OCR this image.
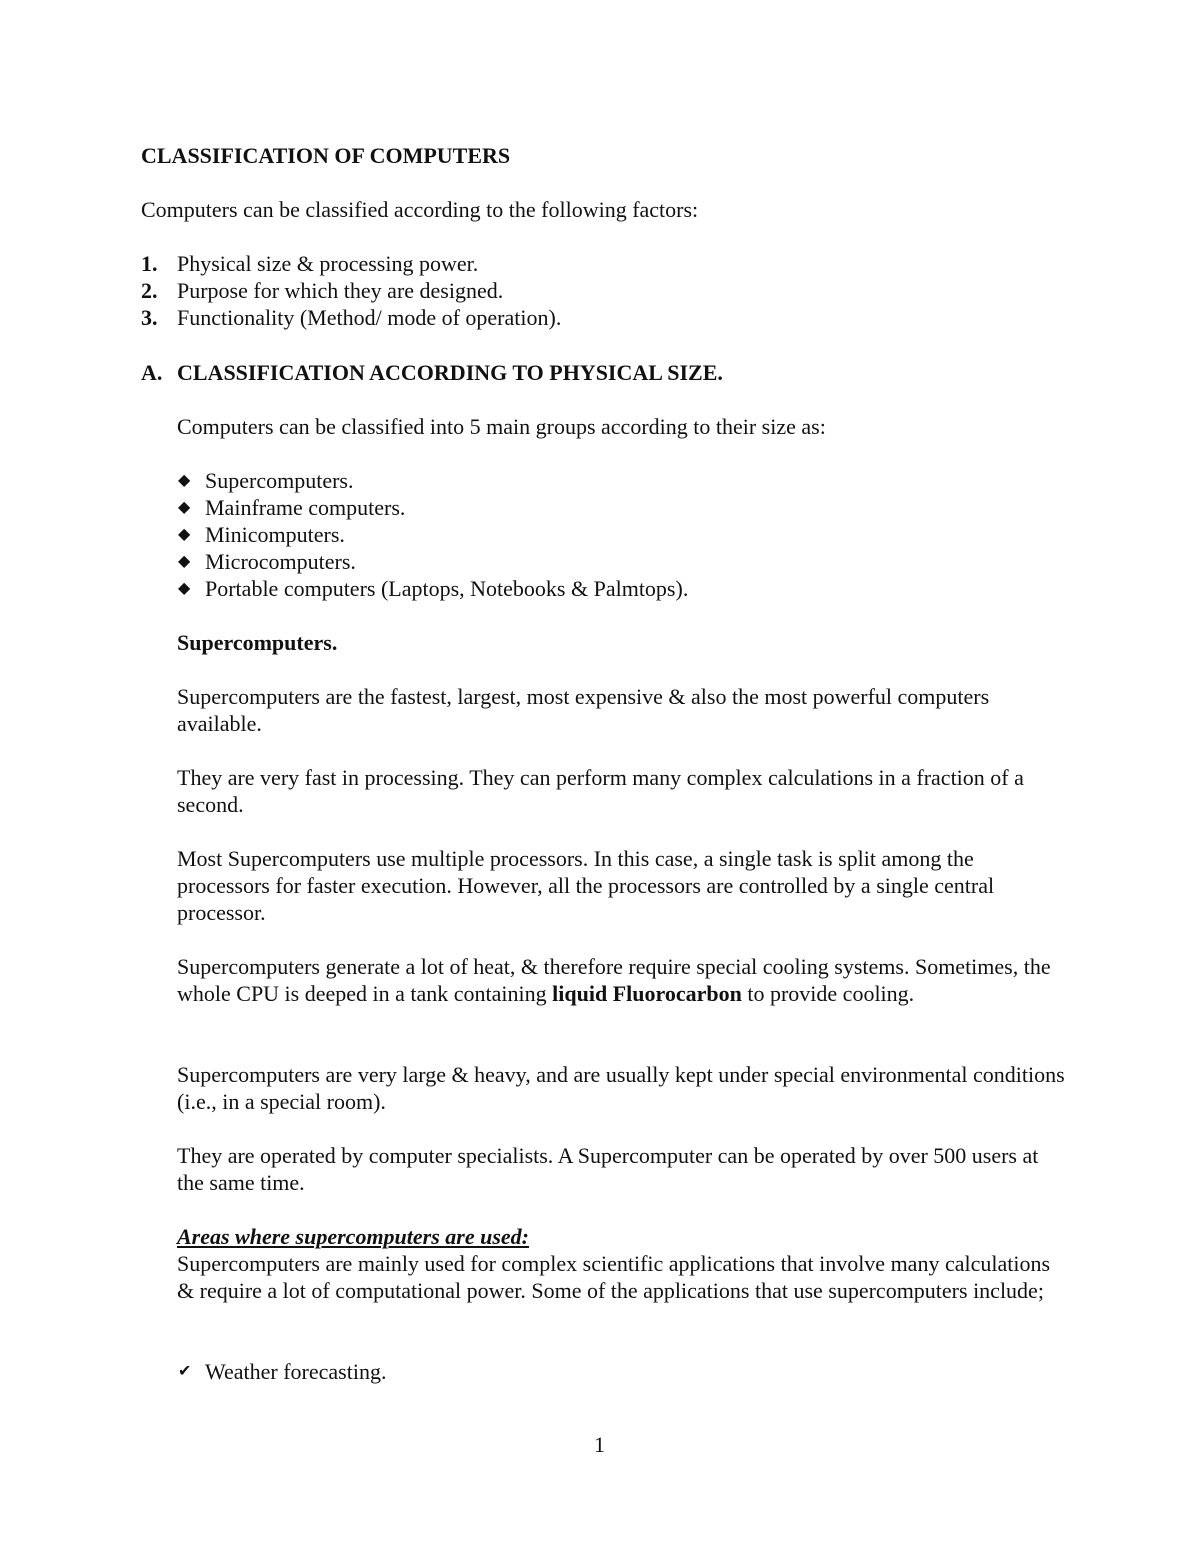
CLASSIFICATION OF COMPUTERS
Computers can be classified according to the following factors:
1. Physical size & processing power.
2. Purpose for which they are designed.
3. Functionality (Method/ mode of operation).
A. CLASSIFICATION ACCORDING TO PHYSICAL SIZE.
Computers can be classified into 5 main groups according to their size as:
◆ Supercomputers.
◆ Mainframe computers.
◆ Minicomputers.
◆ Microcomputers.
◆ Portable computers (Laptops, Notebooks & Palmtops).
Supercomputers.
Supercomputers are the fastest, largest, most expensive & also the most powerful computers available.
They are very fast in processing. They can perform many complex calculations in a fraction of a second.
Most Supercomputers use multiple processors. In this case, a single task is split among the processors for faster execution. However, all the processors are controlled by a single central processor.
Supercomputers generate a lot of heat, & therefore require special cooling systems. Sometimes, the whole CPU is deeped in a tank containing liquid Fluorocarbon to provide cooling.
Supercomputers are very large & heavy, and are usually kept under special environmental conditions (i.e., in a special room).
They are operated by computer specialists. A Supercomputer can be operated by over 500 users at the same time.
Areas where supercomputers are used:
Supercomputers are mainly used for complex scientific applications that involve many calculations & require a lot of computational power. Some of the applications that use supercomputers include;
✔ Weather forecasting.
1
